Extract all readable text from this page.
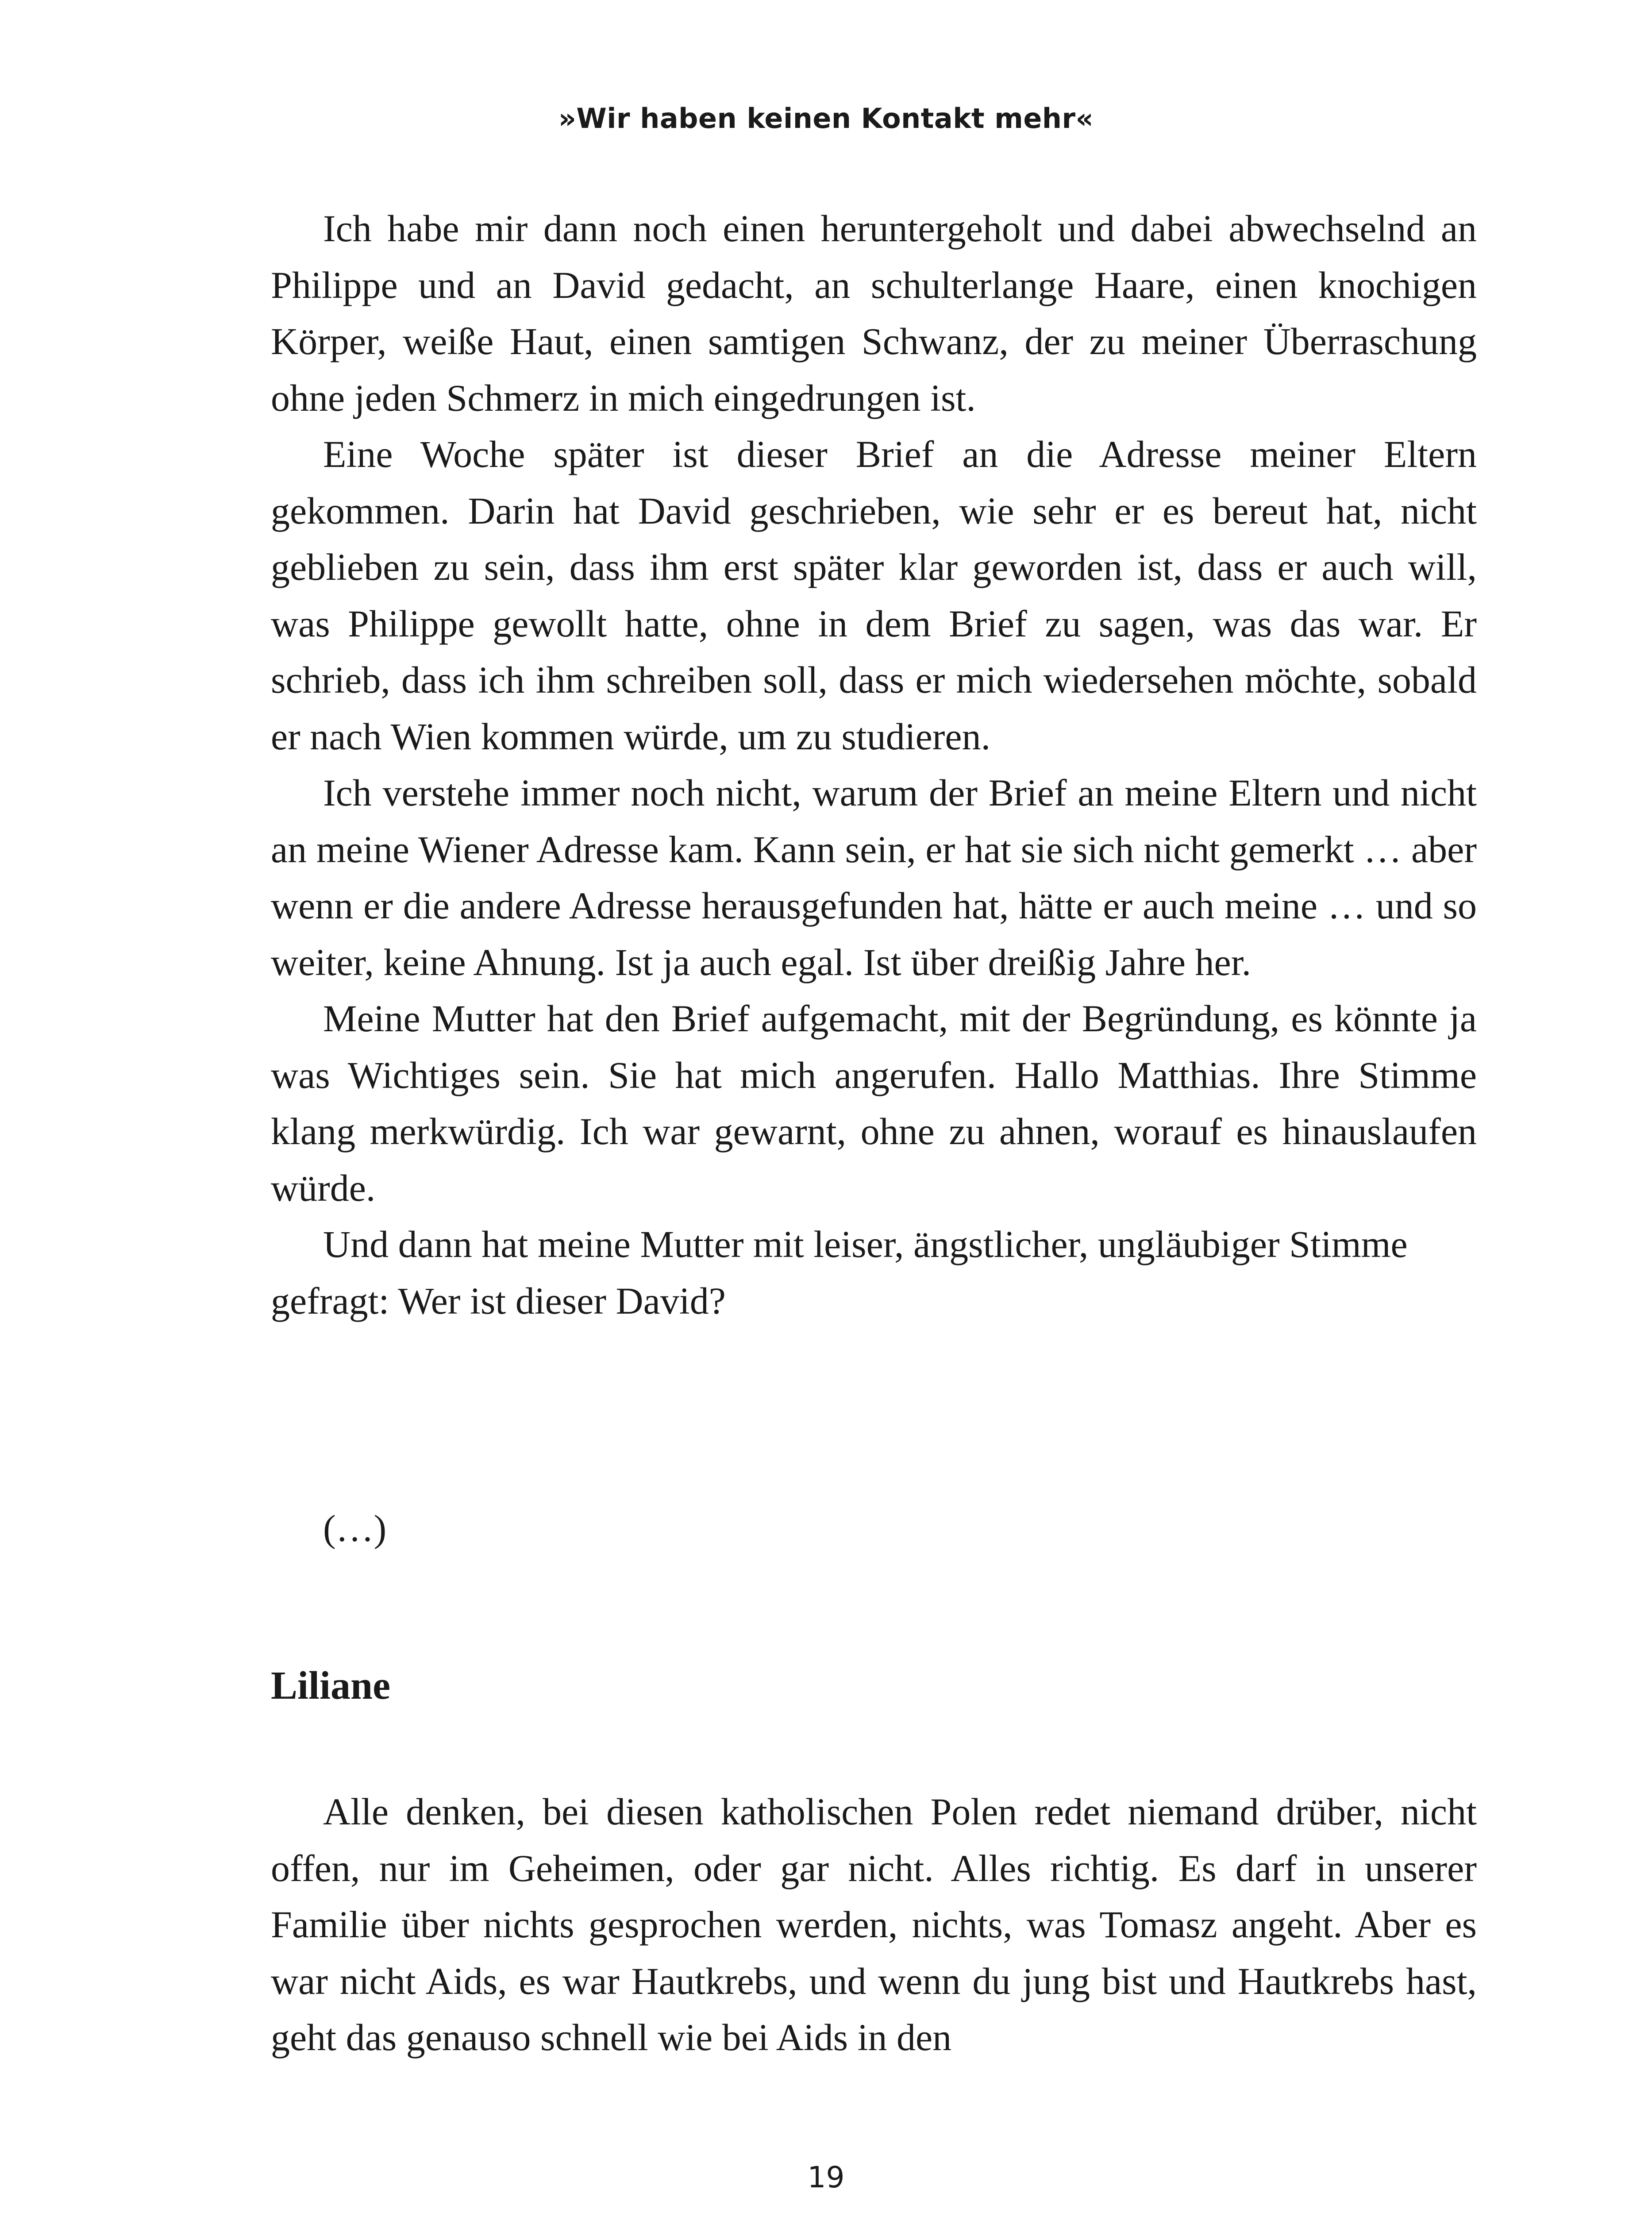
»Wir haben keinen Kontakt mehr«

Ich habe mir dann noch einen heruntergeholt und dabei abwechselnd an Philippe und an David gedacht, an schulterlange Haare, einen knochigen Körper, weiße Haut, einen samtigen Schwanz, der zu meiner Überraschung ohne jeden Schmerz in mich eingedrungen ist.

Eine Woche später ist dieser Brief an die Adresse meiner Eltern gekommen. Darin hat David geschrieben, wie sehr er es bereut hat, nicht geblieben zu sein, dass ihm erst später klar geworden ist, dass er auch will, was Philippe gewollt hatte, ohne in dem Brief zu sagen, was das war. Er schrieb, dass ich ihm schreiben soll, dass er mich wiedersehen möchte, sobald er nach Wien kommen würde, um zu studieren.

Ich verstehe immer noch nicht, warum der Brief an meine Eltern und nicht an meine Wiener Adresse kam. Kann sein, er hat sie sich nicht gemerkt … aber wenn er die andere Adresse herausgefunden hat, hätte er auch meine … und so weiter, keine Ahnung. Ist ja auch egal. Ist über dreißig Jahre her.

Meine Mutter hat den Brief aufgemacht, mit der Begründung, es könnte ja was Wichtiges sein. Sie hat mich angerufen. Hallo Matthias. Ihre Stimme klang merkwürdig. Ich war gewarnt, ohne zu ahnen, worauf es hinauslaufen würde.

Und dann hat meine Mutter mit leiser, ängstlicher, ungläubiger Stimme gefragt: Wer ist dieser David?

(…)

Liliane

Alle denken, bei diesen katholischen Polen redet niemand drüber, nicht offen, nur im Geheimen, oder gar nicht. Alles richtig. Es darf in unserer Familie über nichts gesprochen werden, nichts, was Tomasz angeht. Aber es war nicht Aids, es war Hautkrebs, und wenn du jung bist und Hautkrebs hast, geht das genauso schnell wie bei Aids in den

19
